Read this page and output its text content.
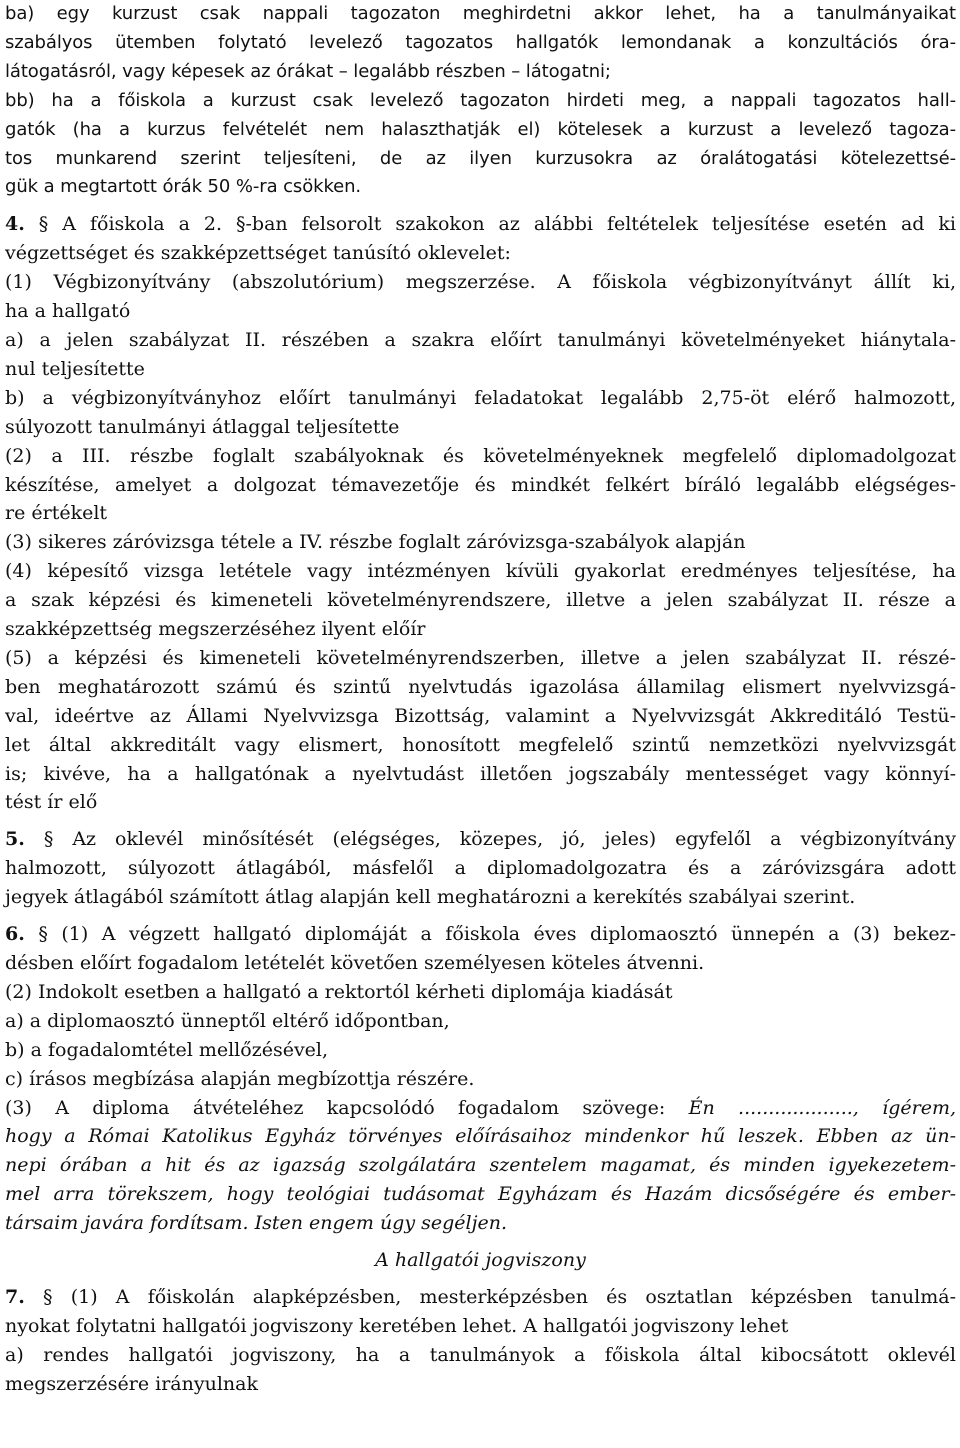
ba) egy kurzust csak nappali tagozaton meghirdetni akkor lehet, ha a tanulmányaikat
szabályos ütemben folytató levelező tagozatos hallgatók lemondanak a konzultációs óra-
látogatásról, vagy képesek az órákat – legalább részben – látogatni;
bb) ha a főiskola a kurzust csak levelező tagozaton hirdeti meg, a nappali tagozatos hall-
gatók (ha a kurzus felvételét nem halaszthatják el) kötelesek a kurzust a levelező tagoza-
tos munkarend szerint teljesíteni, de az ilyen kurzusokra az óralátogatási kötelezettsé-
gük a megtartott órák 50 %-ra csökken.
4. § A főiskola a 2. §-ban felsorolt szakokon az alábbi feltételek teljesítése esetén ad ki
végzettséget és szakképzettséget tanúsító oklevelet:
(1) Végbizonyítvány (abszolutórium) megszerzése. A főiskola végbizonyítványt állít ki,
ha a hallgató
a) a jelen szabályzat II. részében a szakra előírt tanulmányi követelményeket hiánytala-
nul teljesítette
b) a végbizonyítványhoz előírt tanulmányi feladatokat legalább 2,75-öt elérő halmozott,
súlyozott tanulmányi átlaggal teljesítette
(2) a III. részbe foglalt szabályoknak és követelményeknek megfelelő diplomadolgozat
készítése, amelyet a dolgozat témavezetője és mindkét felkért bíráló legalább elégséges-
re értékelt
(3) sikeres záróvizsga tétele a IV. részbe foglalt záróvizsga-szabályok alapján
(4) képesítő vizsga letétele vagy intézményen kívüli gyakorlat eredményes teljesítése, ha
a szak képzési és kimeneteli követelményrendszere, illetve a jelen szabályzat II. része a
szakképzettség megszerzéséhez ilyent előír
(5) a képzési és kimeneteli követelményrendszerben, illetve a jelen szabályzat II. részé-
ben meghatározott számú és szintű nyelvtudás igazolása államilag elismert nyelvvizsgá-
val, ideértve az Állami Nyelvvizsga Bizottság, valamint a Nyelvvizsgát Akkreditáló Testü-
let által akkreditált vagy elismert, honosított megfelelő szintű nemzetközi nyelvvizsgát
is; kivéve, ha a hallgatónak a nyelvtudást illetően jogszabály mentességet vagy könnyí-
tést ír elő
5. § Az oklevél minősítését (elégséges, közepes, jó, jeles) egyfelől a végbizonyítvány
halmozott, súlyozott átlagából, másfelől a diplomadolgozatra és a záróvizsgára adott
jegyek átlagából számított átlag alapján kell meghatározni a kerekítés szabályai szerint.
6. § (1) A végzett hallgató diplomáját a főiskola éves diplomaosztó ünnepén a (3) bekez-
désben előírt fogadalom letételét követően személyesen köteles átvenni.
(2) Indokolt esetben a hallgató a rektortól kérheti diplomája kiadását
a) a diplomaosztó ünneptől eltérő időpontban,
b) a fogadalomtétel mellőzésével,
c) írásos megbízása alapján megbízottja részére.
(3) A diploma átvételéhez kapcsolódó fogadalom szövege: Én ..................., ígérem,
hogy a Római Katolikus Egyház törvényes előírásaihoz mindenkor hű leszek. Ebben az ün-
nepi órában a hit és az igazság szolgálatára szentelem magamat, és minden igyekezetem-
mel arra törekszem, hogy teológiai tudásomat Egyházam és Hazám dicsőségére és ember-
társaim javára fordítsam. Isten engem úgy segéljen.
A hallgatói jogviszony
7. § (1) A főiskolán alapképzésben, mesterképzésben és osztatlan képzésben tanulmá-
nyokat folytatni hallgatói jogviszony keretében lehet. A hallgatói jogviszony lehet
a) rendes hallgatói jogviszony, ha a tanulmányok a főiskola által kibocsátott oklevél
megszerzésére irányulnak
